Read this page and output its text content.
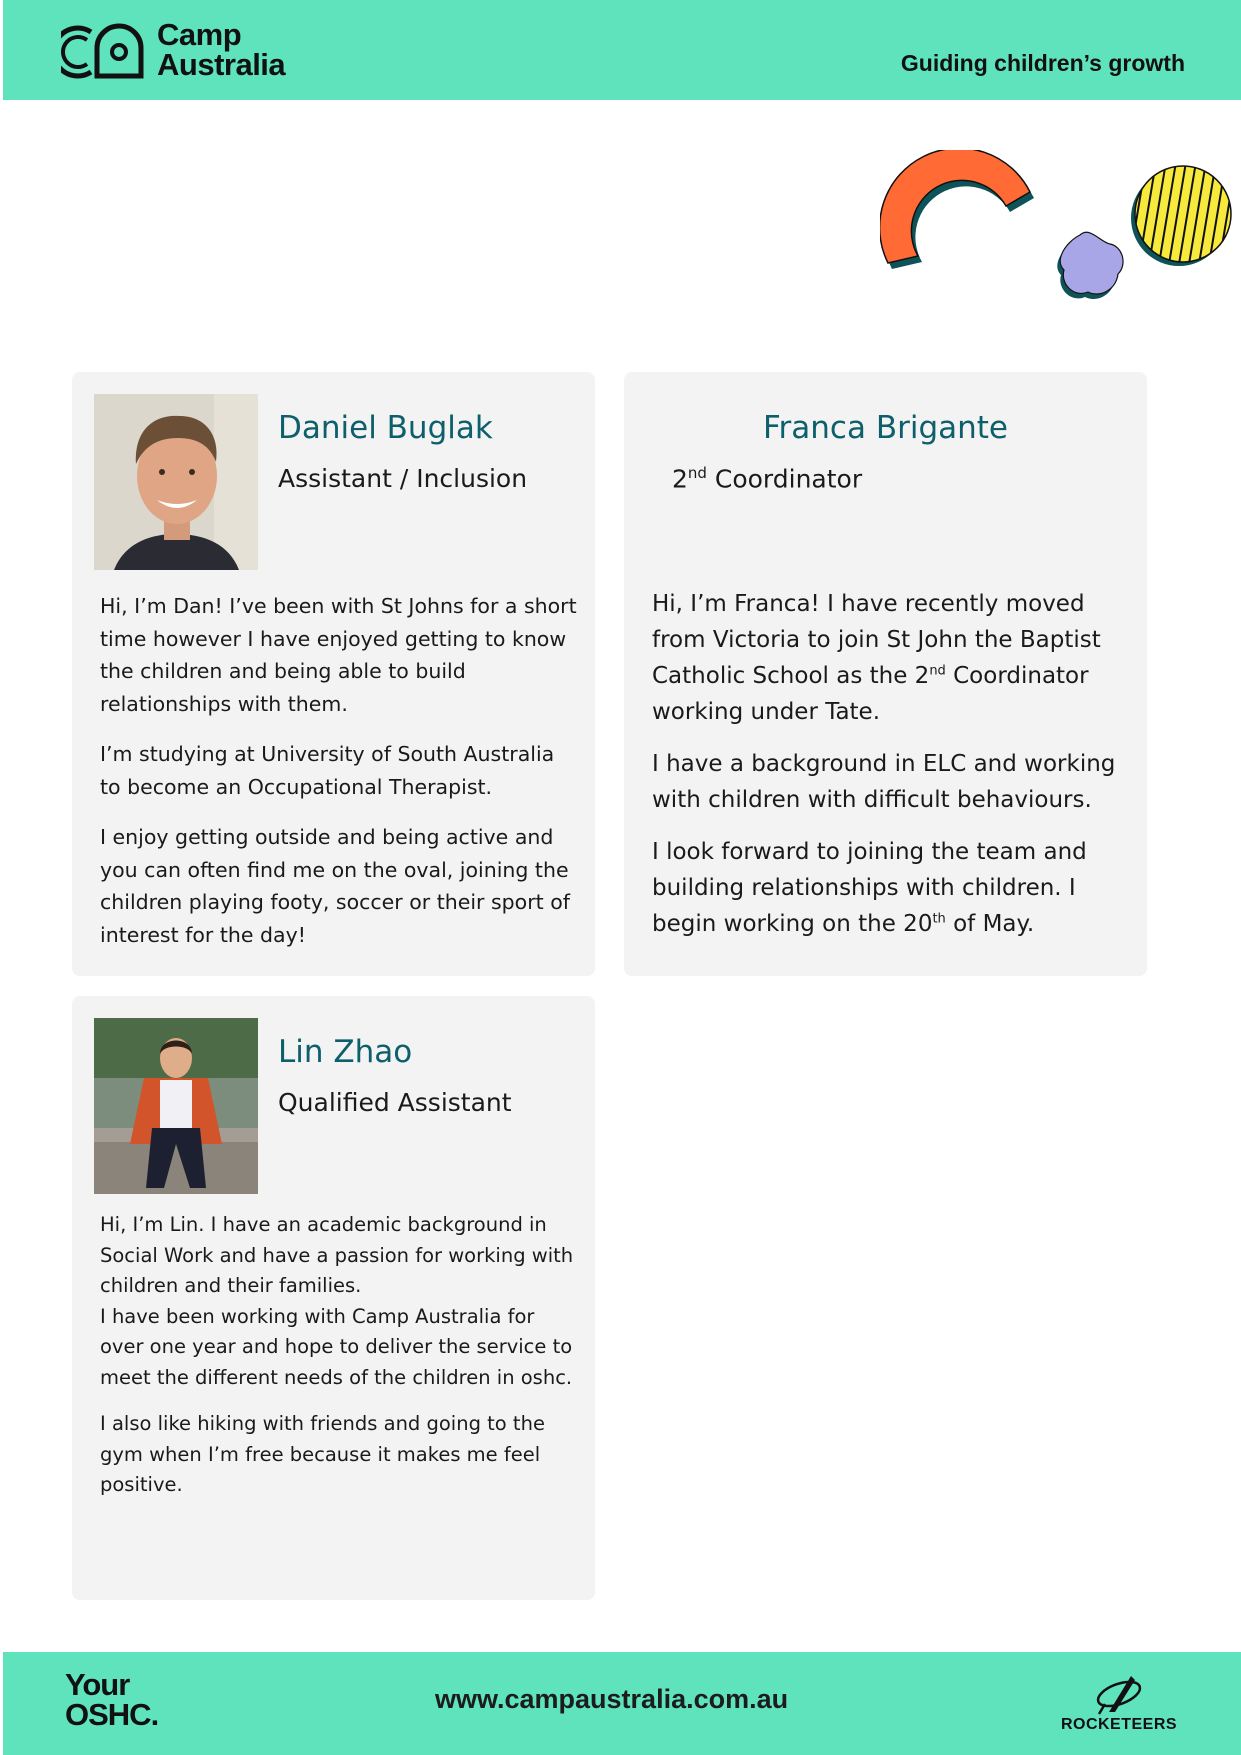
Camp
Australia	Guiding children’s growth
Daniel Buglak
Assistant / Inclusion

Hi, I’m Dan! I’ve been with St Johns for a short time however I have enjoyed getting to know the children and being able to build relationships with them.

I’m studying at University of South Australia to become an Occupational Therapist.

I enjoy getting outside and being active and you can often find me on the oval, joining the children playing footy, soccer or their sport of interest for the day!

Franca Brigante
2nd Coordinator

Hi, I’m Franca! I have recently moved from Victoria to join St John the Baptist Catholic School as the 2nd Coordinator working under Tate.

I have a background in ELC and working with children with difficult behaviours.

I look forward to joining the team and building relationships with children. I begin working on the 20th of May.

Lin Zhao
Qualified Assistant

Hi, I’m Lin. I have an academic background in Social Work and have a passion for working with children and their families.

I have been working with Camp Australia for over one year and hope to deliver the service to meet the different needs of the children in oshc.

I also like hiking with friends and going to the gym when I’m free because it makes me feel positive.

Your
OSHC.	www.campaustralia.com.au
ROCKETEERS
